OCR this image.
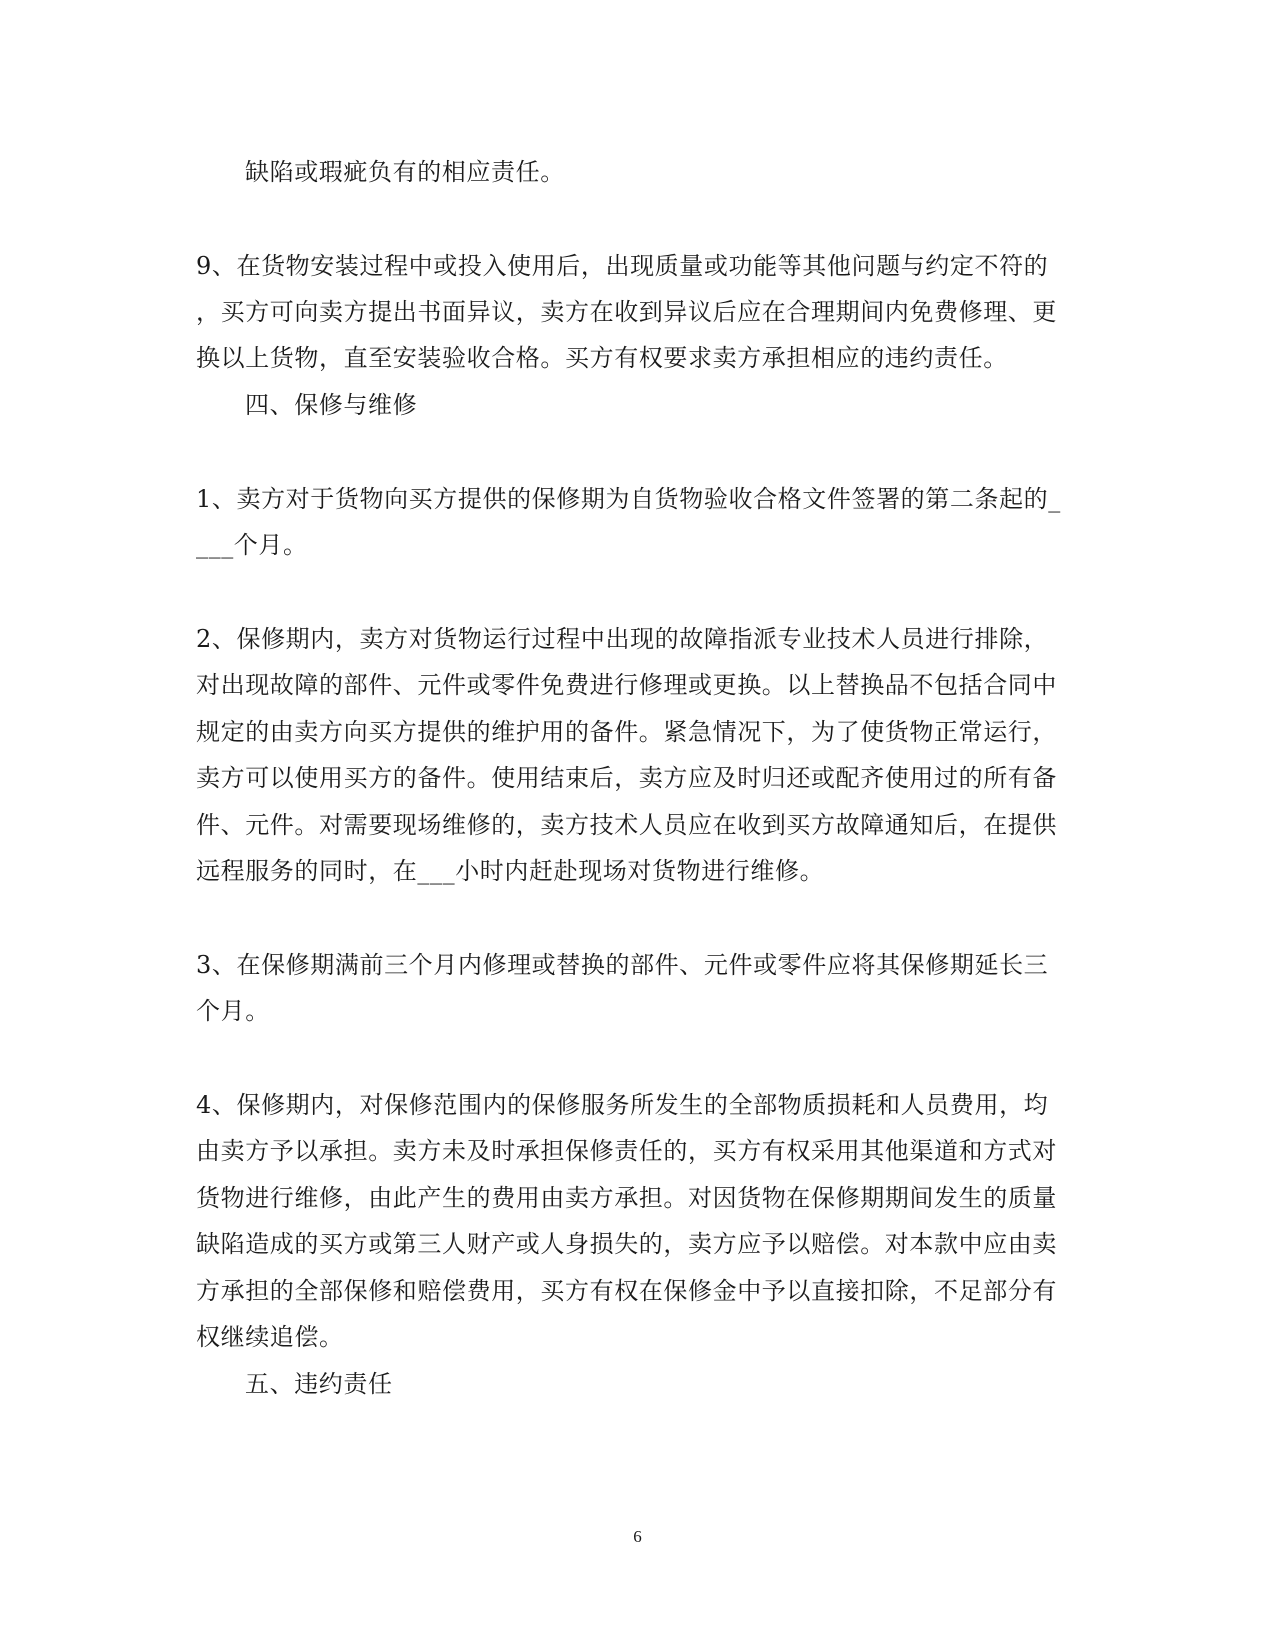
缺陷或瑕疵负有的相应责任。
9、在货物安装过程中或投入使用后，出现质量或功能等其他问题与约定不符的
，买方可向卖方提出书面异议，卖方在收到异议后应在合理期间内免费修理、更
换以上货物，直至安装验收合格。买方有权要求卖方承担相应的违约责任。
四、保修与维修
1、卖方对于货物向买方提供的保修期为自货物验收合格文件签署的第二条起的_
___个月。
2、保修期内，卖方对货物运行过程中出现的故障指派专业技术人员进行排除，
对出现故障的部件、元件或零件免费进行修理或更换。以上替换品不包括合同中
规定的由卖方向买方提供的维护用的备件。紧急情况下，为了使货物正常运行，
卖方可以使用买方的备件。使用结束后，卖方应及时归还或配齐使用过的所有备
件、元件。对需要现场维修的，卖方技术人员应在收到买方故障通知后，在提供
远程服务的同时，在___小时内赶赴现场对货物进行维修。
3、在保修期满前三个月内修理或替换的部件、元件或零件应将其保修期延长三
个月。
4、保修期内，对保修范围内的保修服务所发生的全部物质损耗和人员费用，均
由卖方予以承担。卖方未及时承担保修责任的，买方有权采用其他渠道和方式对
货物进行维修，由此产生的费用由卖方承担。对因货物在保修期期间发生的质量
缺陷造成的买方或第三人财产或人身损失的，卖方应予以赔偿。对本款中应由卖
方承担的全部保修和赔偿费用，买方有权在保修金中予以直接扣除，不足部分有
权继续追偿。
五、违约责任
6
